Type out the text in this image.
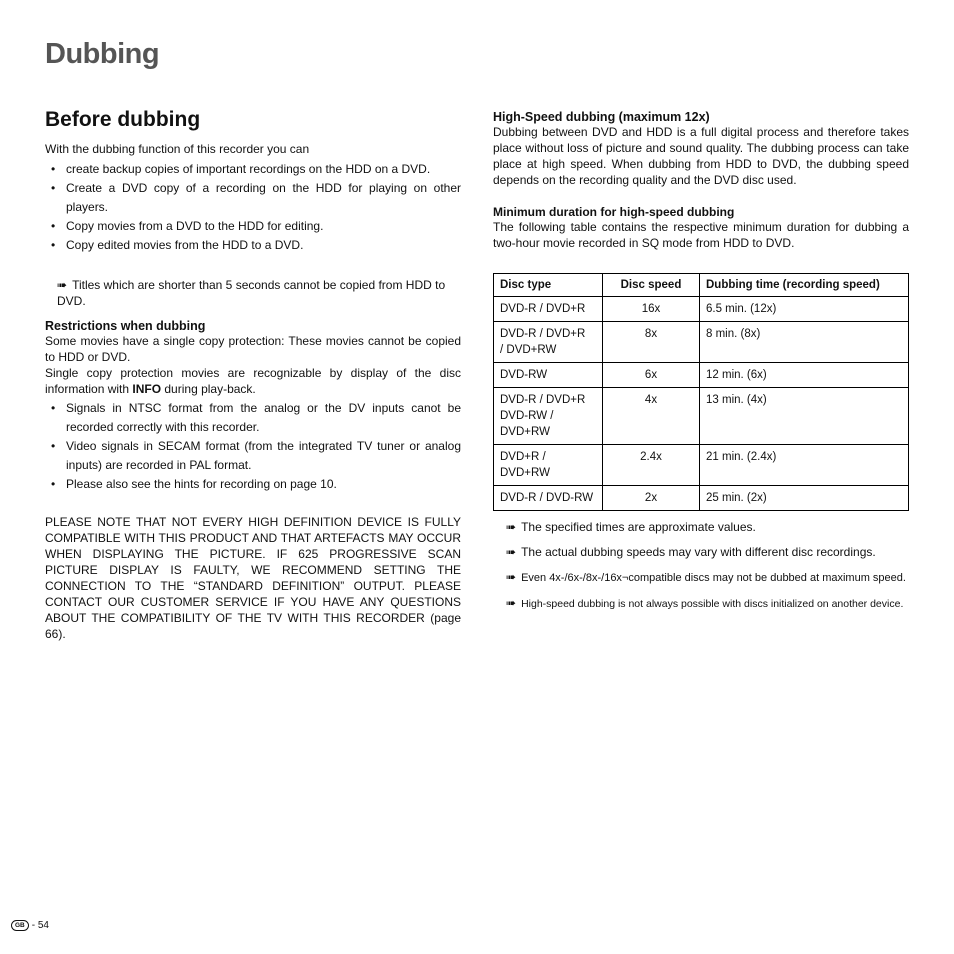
Dubbing
Before dubbing

With the dubbing function of this recorder you can

• create backup copies of important recordings on the HDD on a DVD.
• Create a DVD copy of a recording on the HDD for playing on other players.
• Copy movies from a DVD to the HDD for editing.
• Copy edited movies from the HDD to a DVD.

➠ Titles which are shorter than 5 seconds cannot be copied from HDD to DVD.

Restrictions when dubbing

Some movies have a single copy protection: These movies cannot be copied to HDD or DVD.

Single copy protection movies are recognizable by display of the disc information with INFO during play-back.

• Signals in NTSC format from the analog or the DV inputs canot be recorded correctly with this recorder.
• Video signals in SECAM format (from the integrated TV tuner or analog inputs) are recorded in PAL format.
• Please also see the hints for recording on page 10.

PLEASE NOTE THAT NOT EVERY HIGH DEFINITION DEVICE IS FULLY COMPATIBLE WITH THIS PRODUCT AND THAT ARTEFACTS MAY OCCUR WHEN DISPLAYING THE PICTURE. IF 625 PROGRESSIVE SCAN PICTURE DISPLAY IS FAULTY, WE RECOMMEND SETTING THE CONNECTION TO THE “STANDARD DEFINITION” OUTPUT. PLEASE CONTACT OUR CUSTOMER SERVICE IF YOU HAVE ANY QUESTIONS ABOUT THE COMPATIBILITY OF THE TV WITH THIS RECORDER (page 66).

High-Speed dubbing (maximum 12x)

Dubbing between DVD and HDD is a full digital process and therefore takes place without loss of picture and sound quality. The dubbing process can take place at high speed. When dubbing from HDD to DVD, the dubbing speed depends on the recording quality and the DVD disc used.

Minimum duration for high-speed dubbing

The following table contains the respective minimum duration for dubbing a two-hour movie recorded in SQ mode from HDD to DVD.

Disc type	Disc speed	Dubbing time (recording speed)
DVD-R / DVD+R	16x	6.5 min. (12x)
DVD-R / DVD+R
/ DVD+RW	8x	8 min. (8x)
DVD-RW	6x	12 min. (6x)
DVD-R / DVD+R
DVD-RW / DVD+RW	4x	13 min. (4x)
DVD+R / DVD+RW	2.4x	21 min. (2.4x)
DVD-R / DVD-RW	2x	25 min. (2x)

➠ The specified times are approximate values.

➠ The actual dubbing speeds may vary with different disc recordings.

➠ Even 4x-/6x-/8x-/16x¬compatible discs may not be dubbed at maximum speed.

➠ High-speed dubbing is not always possible with discs initialized on another device.

GB - 54
